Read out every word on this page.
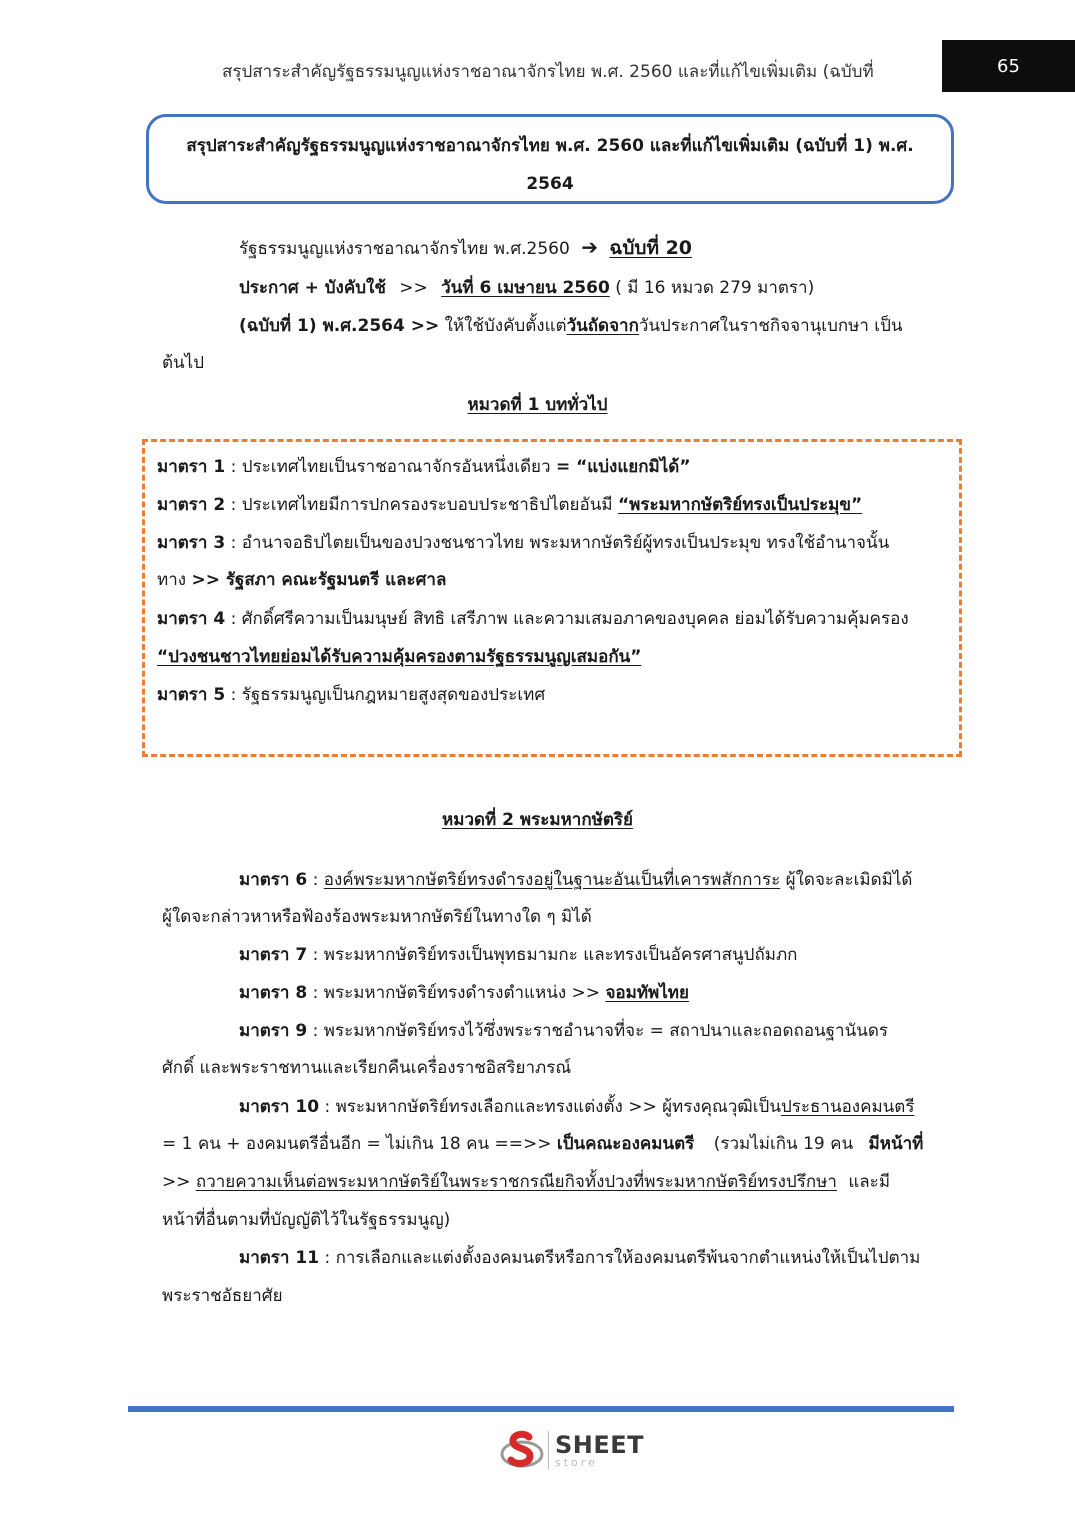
สรุปสาระสำคัญรัฐธรรมนูญแห่งราชอาณาจักรไทย พ.ศ. 2560 และที่แก้ไขเพิ่มเติม (ฉบับที่	65
สรุปสาระสำคัญรัฐธรรมนูญแห่งราชอาณาจักรไทย พ.ศ. 2560 และที่แก้ไขเพิ่มเติม (ฉบับที่ 1) พ.ศ. 2564
รัฐธรรมนูญแห่งราชอาณาจักรไทย พ.ศ.2560 ➔ ฉบับที่ 20
ประกาศ + บังคับใช้ >> วันที่ 6 เมษายน 2560 ( มี 16 หมวด 279 มาตรา)
(ฉบับที่ 1) พ.ศ.2564 >> ให้ใช้บังคับตั้งแต่วันถัดจากวันประกาศในราชกิจจานุเบกษา เป็น
ต้นไป
หมวดที่ 1 บททั่วไป
มาตรา 1 : ประเทศไทยเป็นราชอาณาจักรอันหนึ่งเดียว = “แบ่งแยกมิได้”
มาตรา 2 : ประเทศไทยมีการปกครองระบอบประชาธิปไตยอันมี “พระมหากษัตริย์ทรงเป็นประมุข”
มาตรา 3 : อำนาจอธิปไตยเป็นของปวงชนชาวไทย พระมหากษัตริย์ผู้ทรงเป็นประมุข ทรงใช้อำนาจนั้น
ทาง >> รัฐสภา คณะรัฐมนตรี และศาล
มาตรา 4 : ศักดิ์ศรีความเป็นมนุษย์ สิทธิ เสรีภาพ และความเสมอภาคของบุคคล ย่อมได้รับความคุ้มครอง
“ปวงชนชาวไทยย่อมได้รับความคุ้มครองตามรัฐธรรมนูญเสมอกัน”
มาตรา 5 : รัฐธรรมนูญเป็นกฎหมายสูงสุดของประเทศ
หมวดที่ 2 พระมหากษัตริย์
มาตรา 6 : องค์พระมหากษัตริย์ทรงดำรงอยู่ในฐานะอันเป็นที่เคารพสักการะ ผู้ใดจะละเมิดมิได้
ผู้ใดจะกล่าวหาหรือฟ้องร้องพระมหากษัตริย์ในทางใด ๆ มิได้
มาตรา 7 : พระมหากษัตริย์ทรงเป็นพุทธมามกะ และทรงเป็นอัครศาสนูปถัมภก
มาตรา 8 : พระมหากษัตริย์ทรงดำรงตำแหน่ง >> จอมทัพไทย
มาตรา 9 : พระมหากษัตริย์ทรงไว้ซึ่งพระราชอำนาจที่จะ = สถาปนาและถอดถอนฐานันดร
ศักดิ์ และพระราชทานและเรียกคืนเครื่องราชอิสริยาภรณ์
มาตรา 10 : พระมหากษัตริย์ทรงเลือกและทรงแต่งตั้ง >> ผู้ทรงคุณวุฒิเป็นประธานองคมนตรี
= 1 คน + องคมนตรีอื่นอีก = ไม่เกิน 18 คน ==>> เป็นคณะองคมนตรี (รวมไม่เกิน 19 คน มีหน้าที่
>> ถวายความเห็นต่อพระมหากษัตริย์ในพระราชกรณียกิจทั้งปวงที่พระมหากษัตริย์ทรงปรึกษา และมี
หน้าที่อื่นตามที่บัญญัติไว้ในรัฐธรรมนูญ)
มาตรา 11 : การเลือกและแต่งตั้งองคมนตรีหรือการให้องคมนตรีพ้นจากตำแหน่งให้เป็นไปตาม
พระราชอัธยาศัย
SHEET
store
